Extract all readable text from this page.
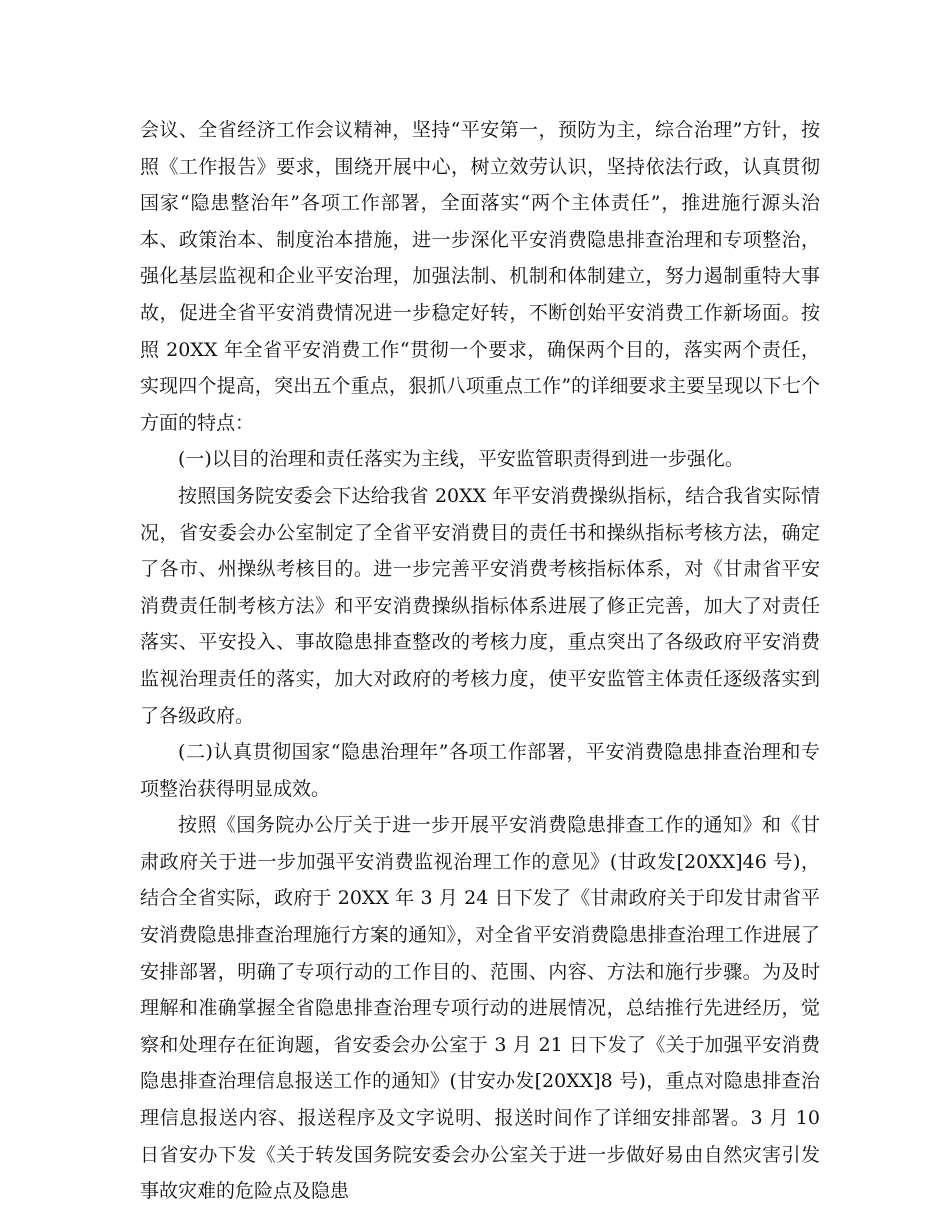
会议、全省经济工作会议精神，坚持“平安第一，预防为主，综合治理”方针，按照《工作报告》要求，围绕开展中心，树立效劳认识，坚持依法行政，认真贯彻国家“隐患整治年”各项工作部署，全面落实“两个主体责任”，推进施行源头治本、政策治本、制度治本措施，进一步深化平安消费隐患排查治理和专项整治，强化基层监视和企业平安治理，加强法制、机制和体制建立，努力遏制重特大事故，促进全省平安消费情况进一步稳定好转，不断创始平安消费工作新场面。按照 20XX 年全省平安消费工作“贯彻一个要求，确保两个目的，落实两个责任，实现四个提高，突出五个重点，狠抓八项重点工作”的详细要求主要呈现以下七个方面的特点：

(一)以目的治理和责任落实为主线，平安监管职责得到进一步强化。

按照国务院安委会下达给我省 20XX 年平安消费操纵指标，结合我省实际情况，省安委会办公室制定了全省平安消费目的责任书和操纵指标考核方法，确定了各市、州操纵考核目的。进一步完善平安消费考核指标体系，对《甘肃省平安消费责任制考核方法》和平安消费操纵指标体系进展了修正完善，加大了对责任落实、平安投入、事故隐患排查整改的考核力度，重点突出了各级政府平安消费监视治理责任的落实，加大对政府的考核力度，使平安监管主体责任逐级落实到了各级政府。

(二)认真贯彻国家“隐患治理年”各项工作部署，平安消费隐患排查治理和专项整治获得明显成效。

按照《国务院办公厅关于进一步开展平安消费隐患排查工作的通知》和《甘肃政府关于进一步加强平安消费监视治理工作的意见》(甘政发[20XX]46 号)，结合全省实际，政府于 20XX 年 3 月 24 日下发了《甘肃政府关于印发甘肃省平安消费隐患排查治理施行方案的通知》，对全省平安消费隐患排查治理工作进展了安排部署，明确了专项行动的工作目的、范围、内容、方法和施行步骤。为及时理解和准确掌握全省隐患排查治理专项行动的进展情况，总结推行先进经历，觉察和处理存在征询题，省安委会办公室于 3 月 21 日下发了《关于加强平安消费隐患排查治理信息报送工作的通知》(甘安办发[20XX]8 号)，重点对隐患排查治理信息报送内容、报送程序及文字说明、报送时间作了详细安排部署。3 月 10 日省安办下发《关于转发国务院安委会办公室关于进一步做好易由自然灾害引发事故灾难的危险点及隐患
